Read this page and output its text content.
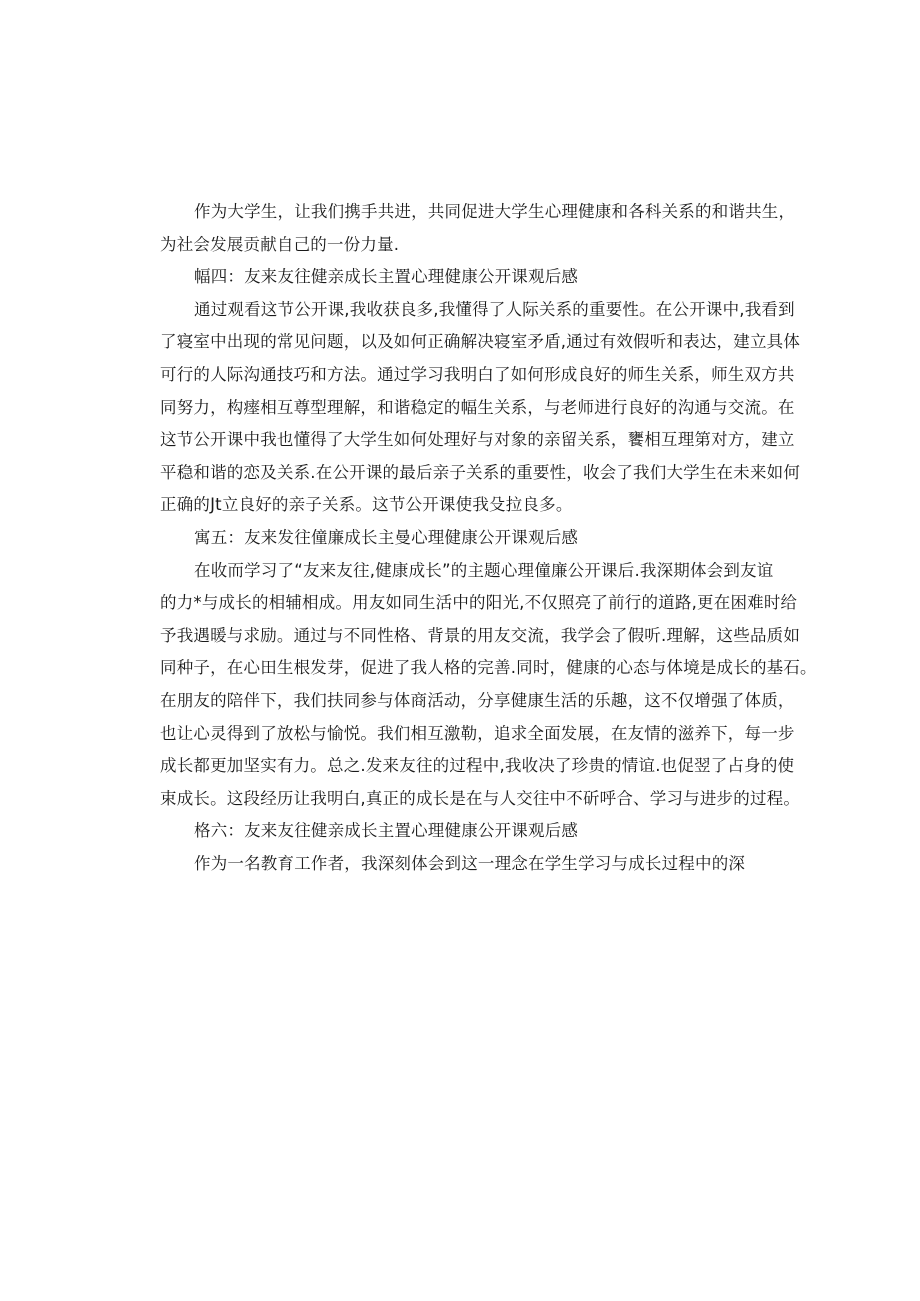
作为大学生，让我们携手共进，共同促进大学生心理健康和各科关系的和谐共生，
为社会发展贡献自己的一份力量.
幅四：友来友往健亲成长主置心理健康公开课观后感
通过观看这节公开课,我收获良多,我懂得了人际关系的重要性。在公开课中,我看到
了寝室中出现的常见问题，以及如何正确解决寝室矛盾,通过有效假听和表达，建立具体
可行的人际沟通技巧和方法。通过学习我明白了如何形成良好的师生关系，师生双方共
同努力，构瘗相互尊型理解，和谐稳定的幅生关系，与老师进行良好的沟通与交流。在
这节公开课中我也懂得了大学生如何处理好与对象的亲留关系，饔相互理第对方，建立
平稳和谐的恋及关系.在公开课的最后亲子关系的重要性，收会了我们大学生在未来如何
正确的Jt立良好的亲子关系。这节公开课使我殳拉良多。
寓五：友来发往僮廉成长主曼心理健康公开课观后感
在收而学习了“友来友往,健康成长”的主题心理僮廉公开课后.我深期体会到友谊
的力*与成长的相辅相成。用友如同生活中的阳光,不仅照亮了前行的道路,更在困难时给
予我遇暖与求励。通过与不同性格、背景的用友交流，我学会了假听.理解，这些品质如
同种子，在心田生根发芽，促进了我人格的完善.同时，健康的心态与体境是成长的基石。
在朋友的陪伴下，我们扶同参与体商活动，分享健康生活的乐趣，这不仅增强了体质，
也让心灵得到了放松与愉悦。我们相互激勒，追求全面发展，在友情的滋养下，每一步
成长都更加坚实有力。总之.发来友往的过程中,我收决了珍贵的情谊.也促翌了占身的使
束成长。这段经历让我明白,真正的成长是在与人交往中不斫呼合、学习与进步的过程。
格六：友来友往健亲成长主置心理健康公开课观后感
作为一名教育工作者，我深刻体会到这一理念在学生学习与成长过程中的深
